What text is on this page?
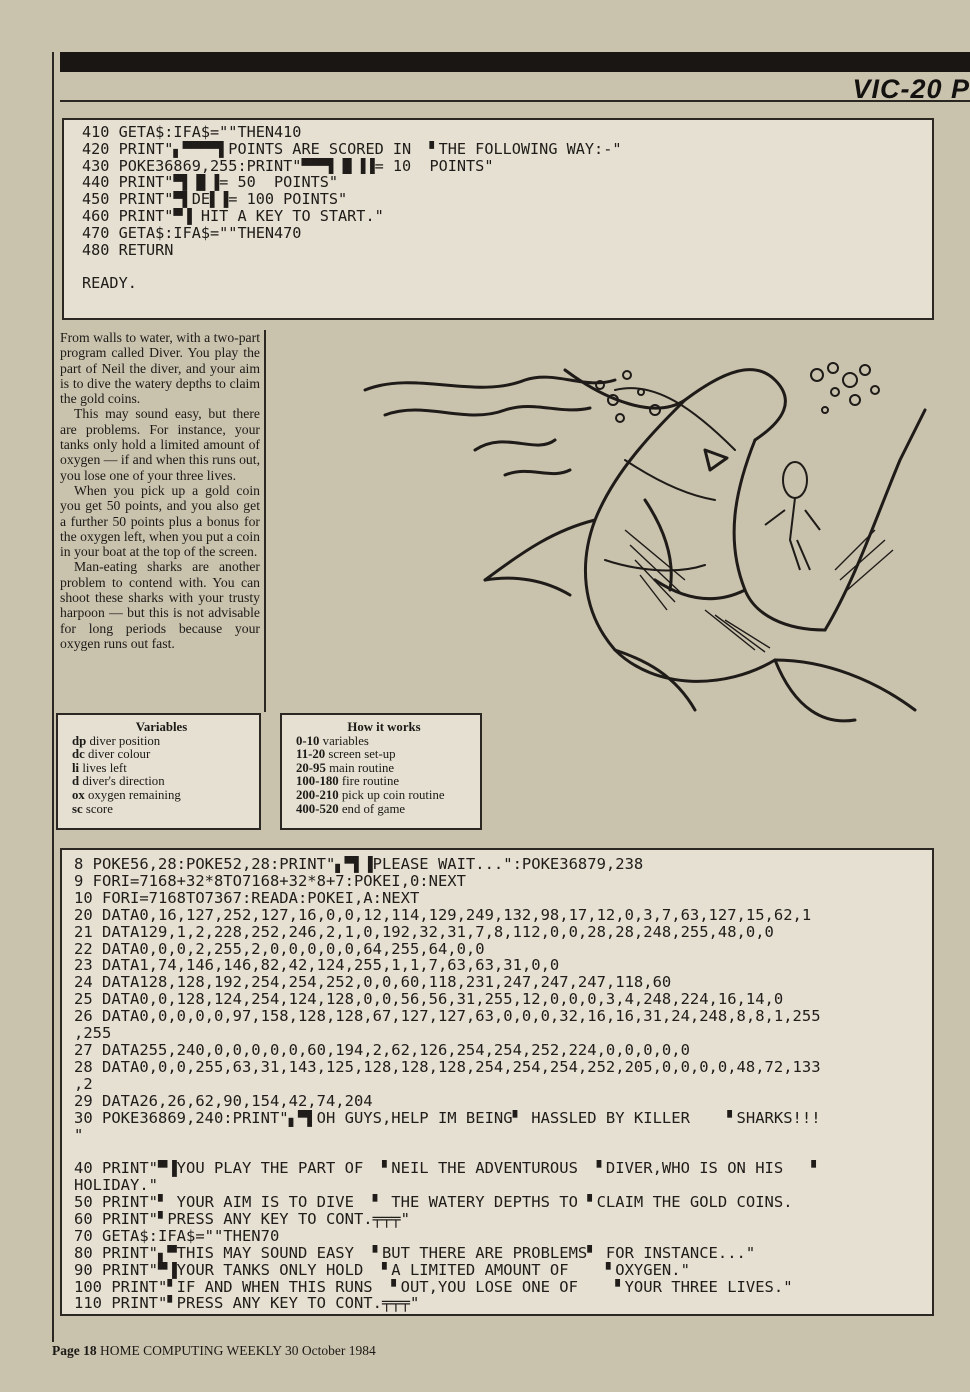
VIC-20 P
410 GETA$:IFA$=""THEN410
420 PRINT"▖▀▀▀▀▌POINTS ARE SCORED IN  ▘THE FOLLOWING WAY:-"
430 POKE36869,255:PRINT"▀▀▀▌▐▌▐▐= 10  POINTS"
440 PRINT"▀▌▐▌▐= 50  POINTS"
450 PRINT"▀▌DE▌▐= 100 POINTS"
460 PRINT"▀▐ HIT A KEY TO START."
470 GETA$:IFA$=""THEN470
480 RETURN
READY.

From walls to water, with a two-part program called Diver. You play the part of Neil the diver, and your aim is to dive the watery depths to claim the gold coins.

This may sound easy, but there are problems. For instance, your tanks only hold a limited amount of oxygen — if and when this runs out, you lose one of your three lives.

When you pick up a gold coin you get 50 points, and you also get a further 50 points plus a bonus for the oxygen left, when you put a coin in your boat at the top of the screen.

Man-eating sharks are another problem to contend with. You can shoot these sharks with your trusty harpoon — but this is not advisable for long periods because your oxygen runs out fast.

Variables
dp diver position
dc diver colour
li lives left
d diver's direction
ox oxygen remaining
sc score
How it works
0-10 variables
11-20 screen set-up
20-95 main routine
100-180 fire routine
200-210 pick up coin routine
400-520 end of game
8 POKE56,28:POKE52,28:PRINT"▖▀▌▐PLEASE WAIT...":POKE36879,238
9 FORI=7168+32*8TO7168+32*8+7:POKEI,0:NEXT
10 FORI=7168TO7367:READA:POKEI,A:NEXT
20 DATA0,16,127,252,127,16,0,0,12,114,129,249,132,98,17,12,0,3,7,63,127,15,62,1
21 DATA129,1,2,228,252,246,2,1,0,192,32,31,7,8,112,0,0,28,28,248,255,48,0,0
22 DATA0,0,0,2,255,2,0,0,0,0,0,64,255,64,0,0
23 DATA1,74,146,146,82,42,124,255,1,1,7,63,63,31,0,0
24 DATA128,128,192,254,254,252,0,0,60,118,231,247,247,247,118,60
25 DATA0,0,128,124,254,124,128,0,0,56,56,31,255,12,0,0,0,3,4,248,224,16,14,0
26 DATA0,0,0,0,0,97,158,128,128,67,127,127,63,0,0,0,32,16,16,31,24,248,8,8,1,255
,255
27 DATA255,240,0,0,0,0,0,60,194,2,62,126,254,254,252,224,0,0,0,0,0
28 DATA0,0,0,255,63,31,143,125,128,128,128,254,254,254,252,205,0,0,0,0,48,72,133
,2
29 DATA26,26,62,90,154,42,74,204
30 POKE36869,240:PRINT"▖▀▌OH GUYS,HELP IM BEING▘ HASSLED BY KILLER    ▘SHARKS!!!
"
40 PRINT"▀▐YOU PLAY THE PART OF  ▘NEIL THE ADVENTUROUS  ▘DIVER,WHO IS ON HIS   ▘
HOLIDAY."
50 PRINT"▘ YOUR AIM IS TO DIVE  ▘ THE WATERY DEPTHS TO ▘CLAIM THE GOLD COINS.
60 PRINT"▘PRESS ANY KEY TO CONT.╤╤╤"
70 GETA$:IFA$=""THEN70
80 PRINT"▖▀THIS MAY SOUND EASY  ▘BUT THERE ARE PROBLEMS▘ FOR INSTANCE..."
90 PRINT"▀▐YOUR TANKS ONLY HOLD  ▘A LIMITED AMOUNT OF    ▘OXYGEN."
100 PRINT"▘IF AND WHEN THIS RUNS  ▘OUT,YOU LOSE ONE OF    ▘YOUR THREE LIVES."
110 PRINT"▘PRESS ANY KEY TO CONT.╤╤╤"
Page 18 HOME COMPUTING WEEKLY 30 October 1984
